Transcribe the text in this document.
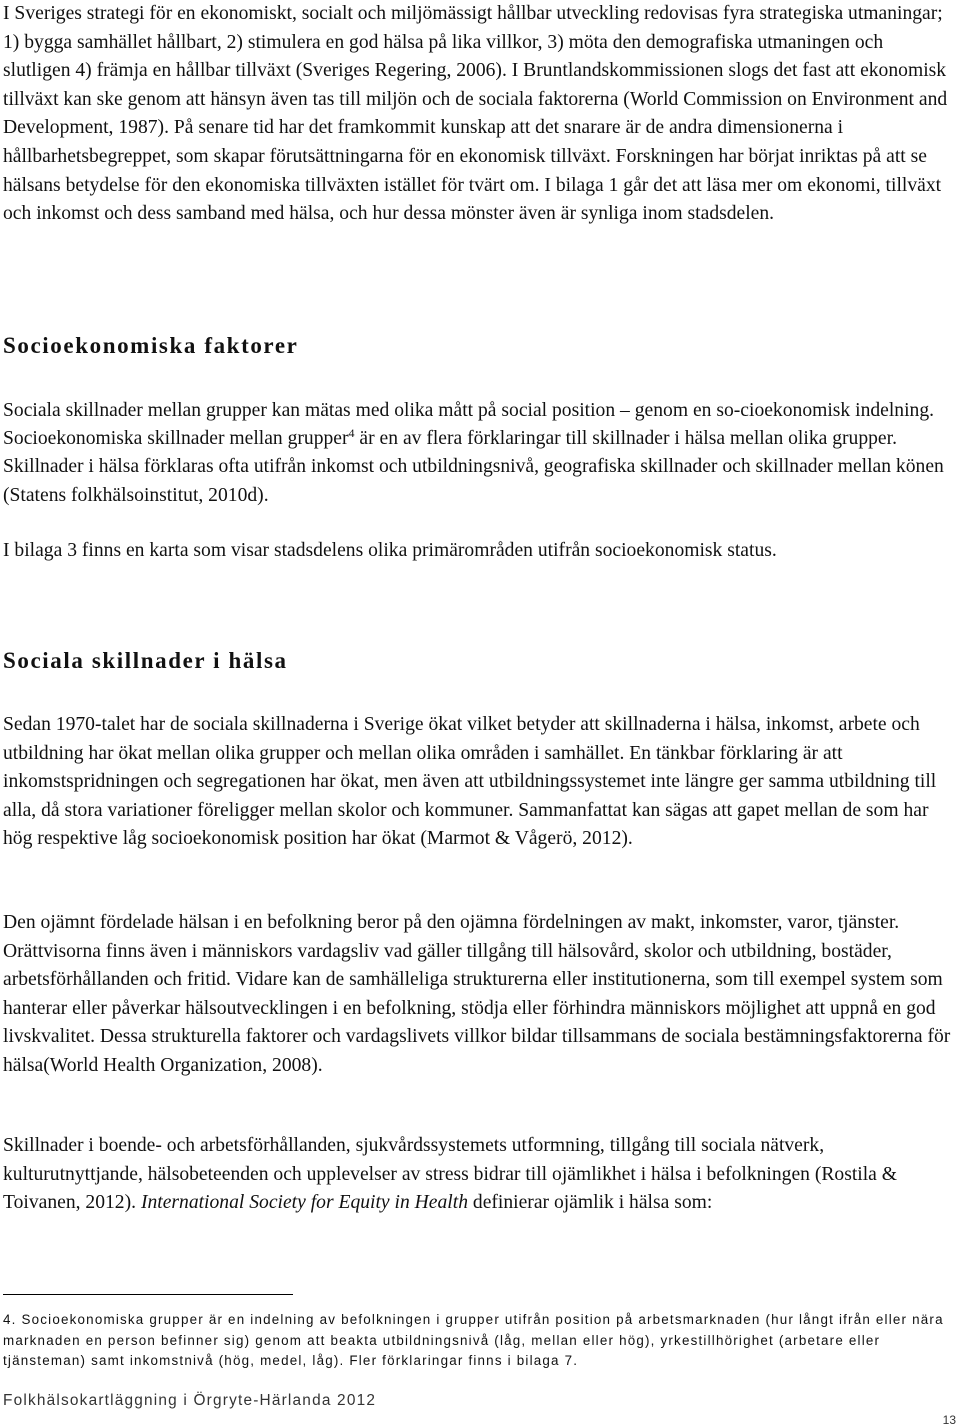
I Sveriges strategi för en ekonomiskt, socialt och miljömässigt hållbar utveckling redovisas fyra strategiska utmaningar; 1) bygga samhället hållbart, 2) stimulera en god hälsa på lika villkor, 3) möta den demografiska utmaningen och slutligen 4) främja en hållbar tillväxt (Sveriges Regering, 2006). I Bruntlandskommissionen slogs det fast att ekonomisk tillväxt kan ske genom att hänsyn även tas till miljön och de sociala faktorerna (World Commission on Environment and Development, 1987). På senare tid har det framkommit kunskap att det snarare är de andra dimensionerna i hållbarhetsbegreppet, som skapar förutsättningarna för en ekonomisk tillväxt. Forskningen har börjat inriktas på att se hälsans betydelse för den ekonomiska tillväxten istället för tvärt om. I bilaga 1 går det att läsa mer om ekonomi, tillväxt och inkomst och dess samband med hälsa, och hur dessa mönster även är synliga inom stadsdelen.

Socioekonomiska faktorer

Sociala skillnader mellan grupper kan mätas med olika mått på social position – genom en so-cioekonomisk indelning. Socioekonomiska skillnader mellan grupper$^4$ är en av flera förklaringar till skillnader i hälsa mellan olika grupper. Skillnader i hälsa förklaras ofta utifrån inkomst och utbildningsnivå, geografiska skillnader och skillnader mellan könen (Statens folkhälsoinstitut, 2010d).

I bilaga 3 finns en karta som visar stadsdelens olika primärområden utifrån socioekonomisk status.

Sociala skillnader i hälsa

Sedan 1970-talet har de sociala skillnaderna i Sverige ökat vilket betyder att skillnaderna i hälsa, inkomst, arbete och utbildning har ökat mellan olika grupper och mellan olika områden i samhället. En tänkbar förklaring är att inkomstspridningen och segregationen har ökat, men även att utbildningssystemet inte längre ger samma utbildning till alla, då stora variationer föreligger mellan skolor och kommuner. Sammanfattat kan sägas att gapet mellan de som har hög respektive låg socioekonomisk position har ökat (Marmot & Vågerö, 2012).

Den ojämnt fördelade hälsan i en befolkning beror på den ojämna fördelningen av makt, inkomster, varor, tjänster. Orättvisorna finns även i människors vardagsliv vad gäller tillgång till hälsovård, skolor och utbildning, bostäder, arbetsförhållanden och fritid. Vidare kan de samhälleliga strukturerna eller institutionerna, som till exempel system som hanterar eller påverkar hälsoutvecklingen i en befolkning, stödja eller förhindra människors möjlighet att uppnå en god livskvalitet. Dessa strukturella faktorer och vardagslivets villkor bildar tillsammans de sociala bestämningsfaktorerna för hälsa(World Health Organization, 2008).

Skillnader i boende- och arbetsförhållanden, sjukvårdssystemets utformning, tillgång till sociala nätverk, kulturutnyttjande, hälsobeteenden och upplevelser av stress bidrar till ojämlikhet i hälsa i befolkningen (Rostila & Toivanen, 2012). International Society for Equity in Health definierar ojämlik i hälsa som:

4. Socioekonomiska grupper är en indelning av befolkningen i grupper utifrån position på arbetsmarknaden (hur långt ifrån eller nära marknaden en person befinner sig) genom att beakta utbildningsnivå (låg, mellan eller hög), yrkestillhörighet (arbetare eller tjänsteman) samt inkomstnivå (hög, medel, låg). Fler förklaringar finns i bilaga 7.

Folkhälsokartläggning i Örgryte-Härlanda 2012

13
